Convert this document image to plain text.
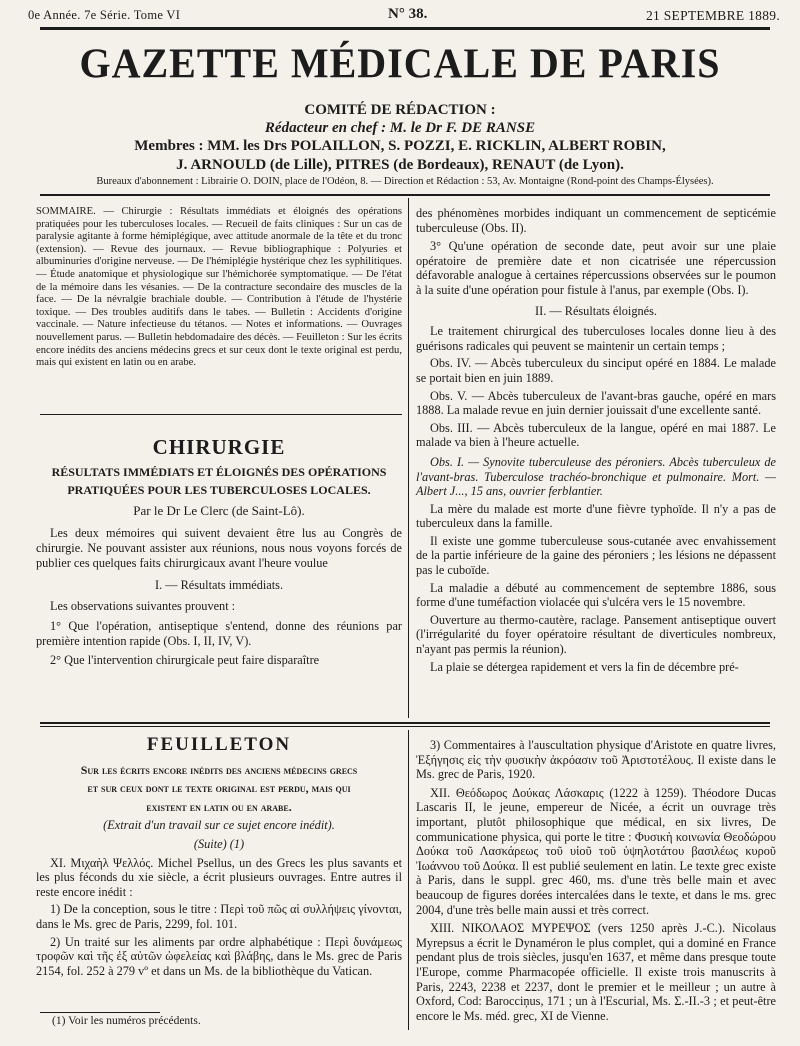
0e Année. 7e Série. Tome VI	N° 38.	21 SEPTEMBRE 1889.
GAZETTE MÉDICALE DE PARIS
COMITÉ DE RÉDACTION :
Rédacteur en chef : M. le Dr F. DE RANSE
Membres : MM. les Drs POLAILLON, S. POZZI, E. RICKLIN, ALBERT ROBIN,
J. ARNOULD (de Lille), PITRES (de Bordeaux), RENAUT (de Lyon).
Bureaux d'abonnement : Librairie O. DOIN, place de l'Odéon, 8. — Direction et Rédaction : 53, Av. Montaigne (Rond-point des Champs-Élysées).

SOMMAIRE. — Chirurgie : Résultats immédiats et éloignés des opérations pratiquées pour les tuberculoses locales. — Recueil de faits cliniques : Sur un cas de paralysie agitante à forme hémiplégique, avec attitude anormale de la tête et du tronc (extension). — Revue des journaux. — Revue bibliographique : Polyuries et albuminuries d'origine nerveuse. — De l'hémiplégie hystérique chez les syphilitiques. — Étude anatomique et physiologique sur l'hémichorée symptomatique. — De l'état de la mémoire dans les vésanies. — De la contracture secondaire des muscles de la face. — De la névralgie brachiale double. — Contribution à l'étude de l'hystérie toxique. — Des troubles auditifs dans le tabes. — Bulletin : Accidents d'origine vaccinale. — Nature infectieuse du tétanos. — Notes et informations. — Ouvrages nouvellement parus. — Bulletin hebdomadaire des décès. — Feuilleton : Sur les écrits encore inédits des anciens médecins grecs et sur ceux dont le texte original est perdu, mais qui existent en latin ou en arabe.

CHIRURGIE
RÉSULTATS IMMÉDIATS ET ÉLOIGNÉS DES OPÉRATIONS
PRATIQUÉES POUR LES TUBERCULOSES LOCALES.
Par le Dr Le Clerc (de Saint-Lô).

Les deux mémoires qui suivent devaient être lus au Congrès de chirurgie. Ne pouvant assister aux réunions, nous nous voyons forcés de publier ces quelques faits chirurgicaux avant l'heure voulue

I. — Résultats immédiats.

Les observations suivantes prouvent :

1° Que l'opération, antiseptique s'entend, donne des réunions par première intention rapide (Obs. I, II, IV, V).

2° Que l'intervention chirurgicale peut faire disparaître

des phénomènes morbides indiquant un commencement de septicémie tuberculeuse (Obs. II).

3° Qu'une opération de seconde date, peut avoir sur une plaie opératoire de première date et non cicatrisée une répercussion défavorable analogue à certaines répercussions observées sur le poumon à la suite d'une opération pour fistule à l'anus, par exemple (Obs. I).

II. — Résultats éloignés.

Le traitement chirurgical des tuberculoses locales donne lieu à des guérisons radicales qui peuvent se maintenir un certain temps ;

Obs. IV. — Abcès tuberculeux du sinciput opéré en 1884. Le malade se portait bien en juin 1889.

Obs. V. — Abcès tuberculeux de l'avant-bras gauche, opéré en mars 1888. La malade revue en juin dernier jouissait d'une excellente santé.

Obs. III. — Abcès tuberculeux de la langue, opéré en mai 1887. Le malade va bien à l'heure actuelle.

Obs. I. — Synovite tuberculeuse des péroniers. Abcès tuberculeux de l'avant-bras. Tuberculose trachéo-bronchique et pulmonaire. Mort. — Albert J..., 15 ans, ouvrier ferblantier.

La mère du malade est morte d'une fièvre typhoïde. Il n'y a pas de tuberculeux dans la famille.

Il existe une gomme tuberculeuse sous-cutanée avec envahissement de la partie inférieure de la gaine des péroniers ; les lésions ne dépassent pas le cuboïde.

La maladie a débuté au commencement de septembre 1886, sous forme d'une tuméfaction violacée qui s'ulcéra vers le 15 novembre.

Ouverture au thermo-cautère, raclage. Pansement antiseptique ouvert (l'irrégularité du foyer opératoire résultant de diverticules nombreux, n'ayant pas permis la réunion).

La plaie se détergea rapidement et vers la fin de décembre pré-

FEUILLETON
Sur les écrits encore inédits des anciens médecins grecs
et sur ceux dont le texte original est perdu, mais qui
existent en latin ou en arabe.
(Extrait d'un travail sur ce sujet encore inédit).
(Suite) (1)

XI. Μιχαὴλ Ψελλός. Michel Psellus, un des Grecs les plus savants et les plus féconds du xie siècle, a écrit plusieurs ouvrages. Entre autres il reste encore inédit :

1) De la conception, sous le titre : Περὶ τοῦ πῶς αἱ συλλήψεις γίνονται, dans le Ms. grec de Paris, 2299, fol. 101.

2) Un traité sur les aliments par ordre alphabétique : Περὶ δυνάμεως τροφῶν καὶ τῆς ἐξ αὐτῶν ὠφελείας καὶ βλάβης, dans le Ms. grec de Paris 2154, fol. 252 à 279 vº et dans un Ms. de la bibliothèque du Vatican.

(1) Voir les numéros précédents.

3) Commentaires à l'auscultation physique d'Aristote en quatre livres, Ἐξήγησις εἰς τὴν φυσικὴν ἀκρόασιν τοῦ Ἀριστοτέλους. Il existe dans le Ms. grec de Paris, 1920.

XII. Θεόδωρος Δούκας Λάσκαρις (1222 à 1259). Théodore Ducas Lascaris II, le jeune, empereur de Nicée, a écrit un ouvrage très important, plutôt philosophique que médical, en six livres, De communicatione physica, qui porte le titre : Φυσικὴ κοινωνία Θεοδώρου Δούκα τοῦ Λασκάρεως τοῦ υἱοῦ τοῦ ὑψηλοτάτου βασιλέως κυροῦ Ἰωάννου τοῦ Δούκα. Il est publié seulement en latin. Le texte grec existe à Paris, dans le suppl. grec 460, ms. d'une très belle main et avec beaucoup de figures dorées intercalées dans le texte, et dans le ms. grec 2004, d'une très belle main aussi et très correct.

XIII. ΝΙΚΟΛΑΟΣ ΜΥΡΕΨΟΣ (vers 1250 après J.-C.). Nicolaus Myrepsus a écrit le Dynaméron le plus complet, qui a dominé en France pendant plus de trois siècles, jusqu'en 1637, et même dans presque toute l'Europe, comme Pharmacopée officielle. Il existe trois manuscrits à Paris, 2243, 2238 et 2237, dont le premier et le meilleur ; un autre à Oxford, Cod: Barocciņus, 171 ; un à l'Escurial, Ms. Σ.-II.-3 ; et peut-être encore le Ms. méd. grec, XI de Vienne.
